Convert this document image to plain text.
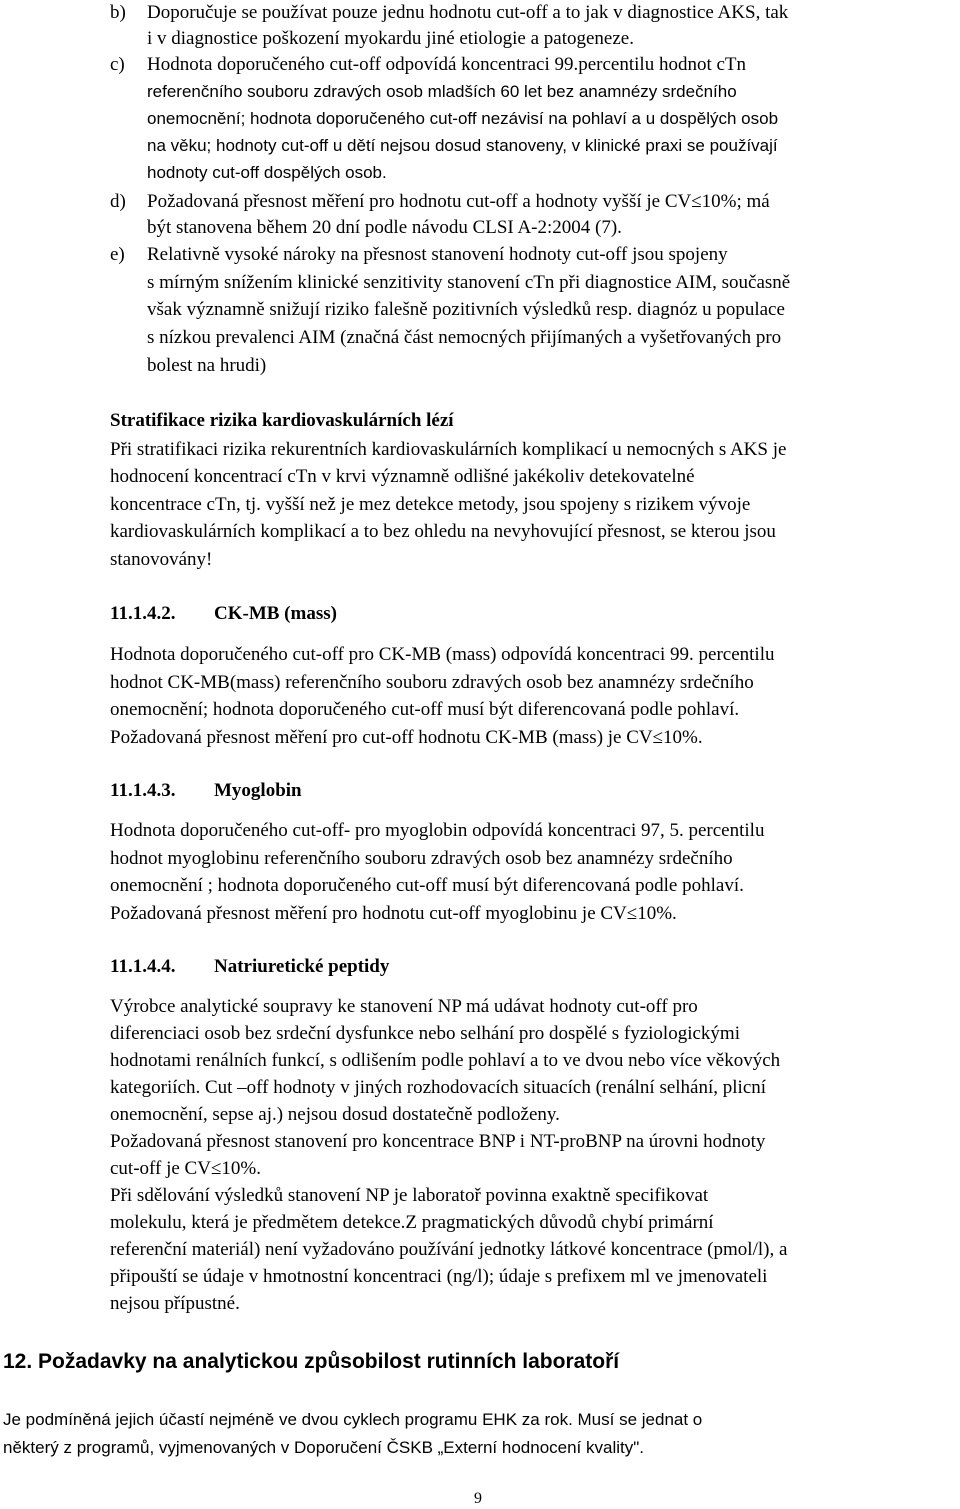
b) Doporučuje se používat pouze jednu hodnotu cut-off a to jak v diagnostice AKS, tak
i v diagnostice poškození myokardu jiné etiologie a patogeneze.
c) Hodnota doporučeného cut-off odpovídá koncentraci 99.percentilu hodnot cTn
referenčního souboru zdravých osob mladších 60 let bez anamnézy srdečního
onemocnění; hodnota doporučeného cut-off nezávisí na pohlaví a u dospělých osob
na věku; hodnoty cut-off u dětí nejsou dosud stanoveny, v klinické praxi se používají
hodnoty cut-off dospělých osob.
d) Požadovaná přesnost měření pro hodnotu cut-off a hodnoty vyšší je CV≤10%; má
být stanovena během 20 dní podle návodu CLSI A-2:2004 (7).
e) Relativně vysoké nároky na přesnost stanovení hodnoty cut-off jsou spojeny
s mírným snížením klinické senzitivity stanovení cTn při diagnostice AIM, současně
však významně snižují riziko falešně pozitivních výsledků resp. diagnóz u populace
s nízkou prevalenci AIM (značná část nemocných přijímaných a vyšetřovaných pro
bolest na hrudi)
Stratifikace rizika kardiovaskulárních lézí
Při stratifikaci rizika rekurentních kardiovaskulárních komplikací u nemocných s AKS je
hodnocení koncentrací cTn v krvi významně odlišné jakékoliv detekovatelné
koncentrace cTn, tj. vyšší než je mez detekce metody, jsou spojeny s rizikem vývoje
kardiovaskulárních komplikací a to bez ohledu na nevyhovující přesnost, se kterou jsou
stanovovány!
11.1.4.2. CK-MB (mass)
Hodnota doporučeného cut-off pro CK-MB (mass) odpovídá koncentraci 99. percentilu
hodnot CK-MB(mass) referenčního souboru zdravých osob bez anamnézy srdečního
onemocnění; hodnota doporučeného cut-off musí být diferencovaná podle pohlaví.
Požadovaná přesnost měření pro cut-off hodnotu CK-MB (mass) je CV≤10%.
11.1.4.3. Myoglobin
Hodnota doporučeného cut-off- pro myoglobin odpovídá koncentraci 97, 5. percentilu
hodnot myoglobinu referenčního souboru zdravých osob bez anamnézy srdečního
onemocnění ; hodnota doporučeného cut-off musí být diferencovaná podle pohlaví.
Požadovaná přesnost měření pro hodnotu cut-off myoglobinu je CV≤10%.
11.1.4.4. Natriuretické peptidy
Výrobce analytické soupravy ke stanovení NP má udávat hodnoty cut-off pro
diferenciaci osob bez srdeční dysfunkce nebo selhání pro dospělé s fyziologickými
hodnotami renálních funkcí, s odlišením podle pohlaví a to ve dvou nebo více věkových
kategoriích. Cut –off hodnoty v jiných rozhodovacích situacích (renální selhání, plicní
onemocnění, sepse aj.) nejsou dosud dostatečně podloženy.
Požadovaná přesnost stanovení pro koncentrace BNP i NT-proBNP na úrovni hodnoty
cut-off je CV≤10%.
Při sdělování výsledků stanovení NP je laboratoř povinna exaktně specifikovat
molekulu, která je předmětem detekce.Z pragmatických důvodů chybí primární
referenční materiál) není vyžadováno používání jednotky látkové koncentrace (pmol/l), a
připouští se údaje v hmotnostní koncentraci (ng/l); údaje s prefixem ml ve jmenovateli
nejsou přípustné.
12. Požadavky na analytickou způsobilost rutinních laboratoří
Je podmíněná jejich účastí nejméně ve dvou cyklech programu EHK za rok. Musí se jednat o
některý z programů, vyjmenovaných v Doporučení ČSKB „Externí hodnocení kvality".
9
